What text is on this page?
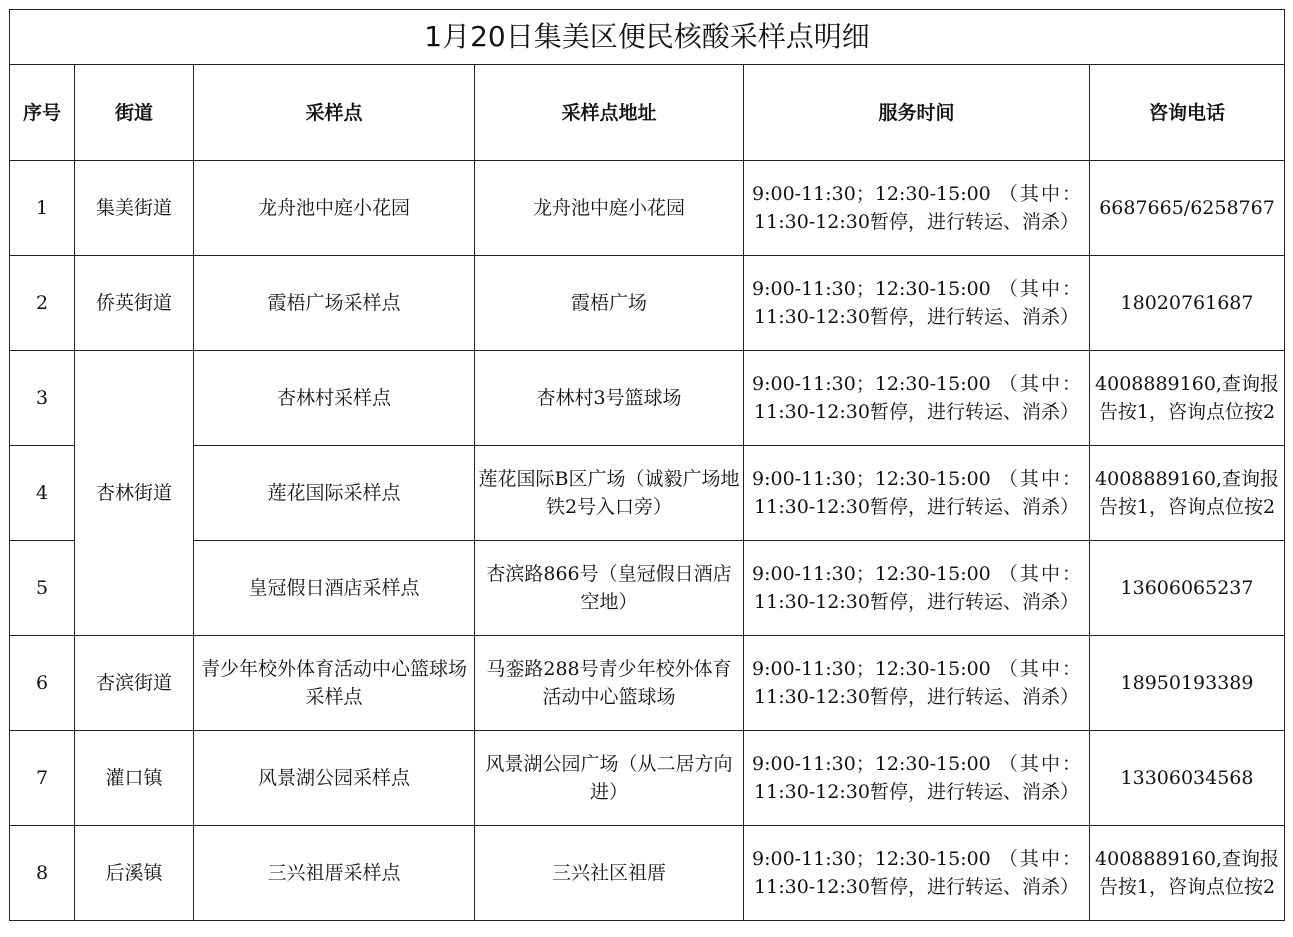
1月20日集美区便民核酸采样点明细					
序号	街道	采样点	采样点地址	服务时间	咨询电话
1	集美街道	龙舟池中庭小花园	龙舟池中庭小花园	9:00-11:30；12:30-15:00 （其中：11:30-12:30暂停，进行转运、消杀）	6687665/6258767
2	侨英街道	霞梧广场采样点	霞梧广场	9:00-11:30；12:30-15:00 （其中：11:30-12:30暂停，进行转运、消杀）	18020761687
3	杏林街道	杏林村采样点	杏林村3号篮球场	9:00-11:30；12:30-15:00 （其中：11:30-12:30暂停，进行转运、消杀）	4008889160,查询报告按1，咨询点位按2
4		莲花国际采样点	莲花国际B区广场（诚毅广场地铁2号入口旁）	9:00-11:30；12:30-15:00 （其中：11:30-12:30暂停，进行转运、消杀）	4008889160,查询报告按1，咨询点位按2
5		皇冠假日酒店采样点	杏滨路866号（皇冠假日酒店空地）	9:00-11:30；12:30-15:00 （其中：11:30-12:30暂停，进行转运、消杀）	13606065237
6	杏滨街道	青少年校外体育活动中心篮球场采样点	马銮路288号青少年校外体育活动中心篮球场	9:00-11:30；12:30-15:00 （其中：11:30-12:30暂停，进行转运、消杀）	18950193389
7	灌口镇	风景湖公园采样点	风景湖公园广场（从二居方向进）	9:00-11:30；12:30-15:00 （其中：11:30-12:30暂停，进行转运、消杀）	13306034568
8	后溪镇	三兴祖厝采样点	三兴社区祖厝	9:00-11:30；12:30-15:00 （其中：11:30-12:30暂停，进行转运、消杀）	4008889160,查询报告按1，咨询点位按2
